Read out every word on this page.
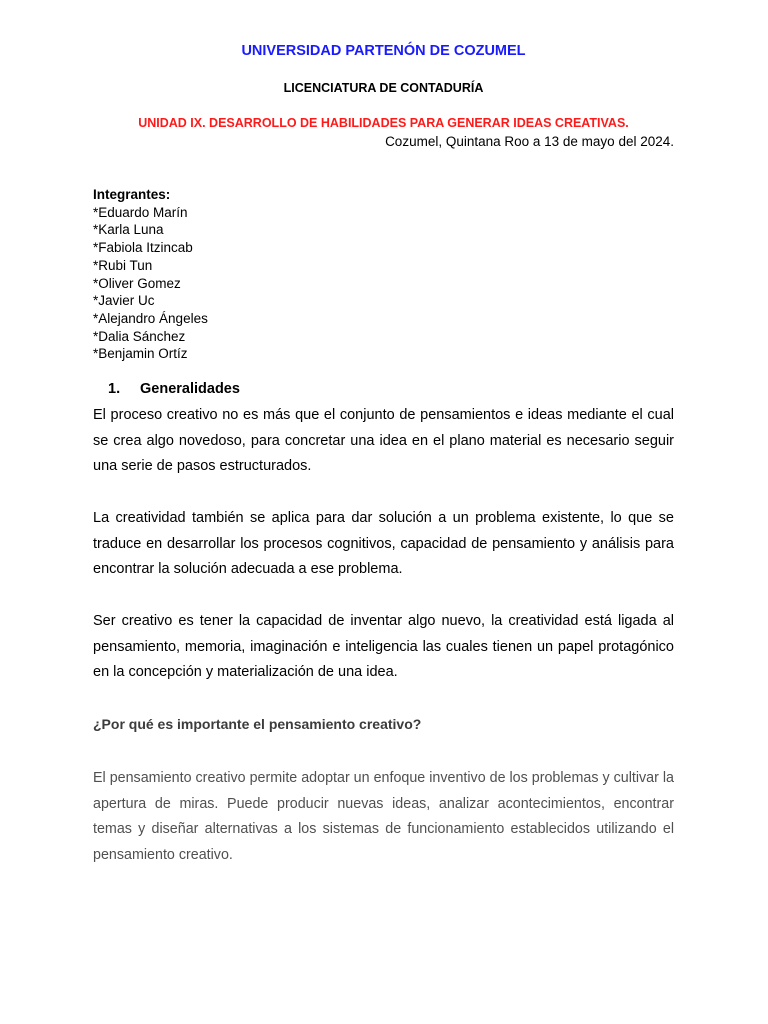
UNIVERSIDAD PARTENÓN DE COZUMEL
LICENCIATURA DE CONTADURÍA
UNIDAD IX. DESARROLLO DE HABILIDADES PARA GENERAR IDEAS CREATIVAS.
Cozumel, Quintana Roo a 13 de mayo del 2024.
Integrantes:
*Eduardo Marín
*Karla Luna
*Fabiola Itzincab
*Rubi Tun
*Oliver Gomez
*Javier Uc
*Alejandro Ángeles
*Dalia Sánchez
*Benjamin Ortíz
1. Generalidades

El proceso creativo no es más que el conjunto de pensamientos e ideas mediante el cual se crea algo novedoso, para concretar una idea en el plano material es necesario seguir una serie de pasos estructurados.

La creatividad también se aplica para dar solución a un problema existente, lo que se traduce en desarrollar los procesos cognitivos, capacidad de pensamiento y análisis para encontrar la solución adecuada a ese problema.

Ser creativo es tener la capacidad de inventar algo nuevo, la creatividad está ligada al pensamiento, memoria, imaginación e inteligencia las cuales tienen un papel protagónico en la concepción y materialización de una idea.

¿Por qué es importante el pensamiento creativo?

El pensamiento creativo permite adoptar un enfoque inventivo de los problemas y cultivar la apertura de miras. Puede producir nuevas ideas, analizar acontecimientos, encontrar temas y diseñar alternativas a los sistemas de funcionamiento establecidos utilizando el pensamiento creativo.
